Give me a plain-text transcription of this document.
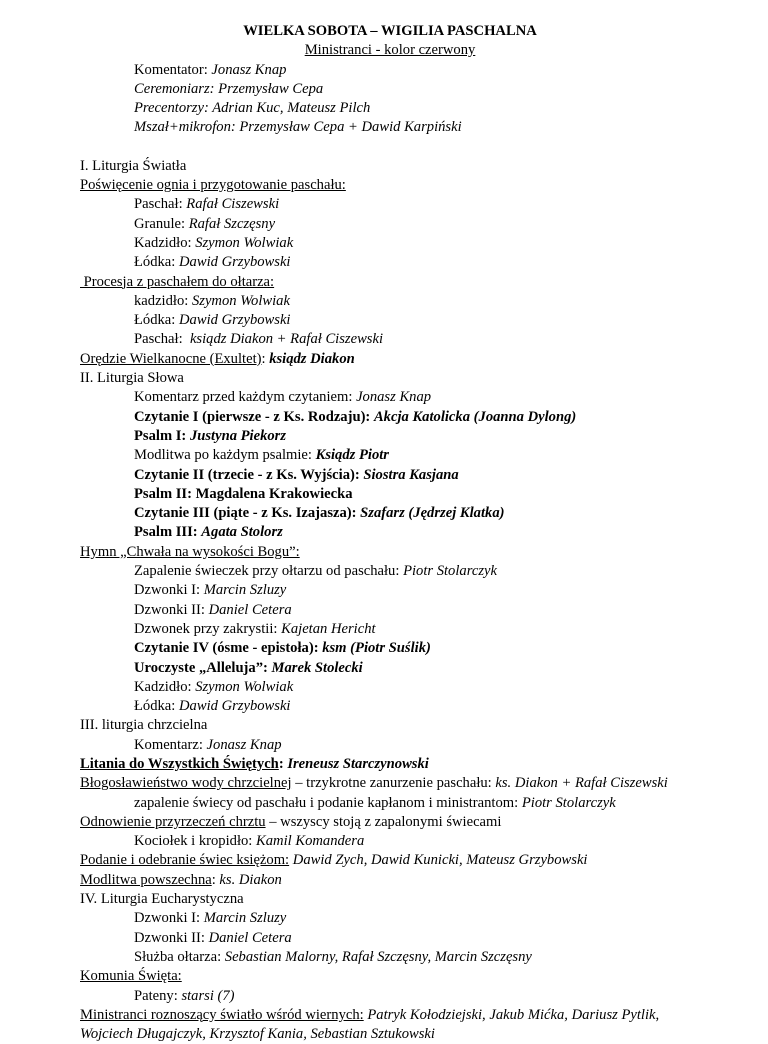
WIELKA SOBOTA – WIGILIA PASCHALNA
Ministranci - kolor czerwony
Komentator: Jonasz Knap
Ceremoniarz: Przemysław Cepa
Precentorzy: Adrian Kuc, Mateusz Pilch
Mszał+mikrofon: Przemysław Cepa + Dawid Karpiński
I. Liturgia Światła
Poświęcenie ognia i przygotowanie paschału:
Paschał: Rafał Ciszewski
Granule: Rafał Szczęsny
Kadzidło: Szymon Wolwiak
Łódka: Dawid Grzybowski
Procesja z paschałem do ołtarza:
kadzidło: Szymon Wolwiak
Łódka: Dawid Grzybowski
Paschał:  ksiądz Diakon + Rafał Ciszewski
Orędzie Wielkanocne (Exultet): ksiądz Diakon
II. Liturgia Słowa
Komentarz przed każdym czytaniem: Jonasz Knap
Czytanie I (pierwsze - z Ks. Rodzaju): Akcja Katolicka (Joanna Dylong)
Psalm I: Justyna Piekorz
Modlitwa po każdym psalmie: Ksiądz Piotr
Czytanie II (trzecie - z Ks. Wyjścia): Siostra Kasjana
Psalm II: Magdalena Krakowiecka
Czytanie III (piąte - z Ks. Izajasza): Szafarz (Jędrzej Klatka)
Psalm III: Agata Stolorz
Hymn „Chwała na wysokości Bogu”:
Zapalenie świeczek przy ołtarzu od paschału: Piotr Stolarczyk
Dzwonki I: Marcin Szluzy
Dzwonki II: Daniel Cetera
Dzwonek przy zakrystii: Kajetan Hericht
Czytanie IV (ósme - epistoła): ksm (Piotr Suślik)
Uroczyste „Alleluja”: Marek Stolecki
Kadzidło: Szymon Wolwiak
Łódka: Dawid Grzybowski
III. liturgia chrzcielna
Komentarz: Jonasz Knap
Litania do Wszystkich Świętych: Ireneusz Starczynowski
Błogosławieństwo wody chrzcielnej – trzykrotne zanurzenie paschału: ks. Diakon + Rafał Ciszewski
zapalenie świecy od paschału i podanie kapłanom i ministrantom: Piotr Stolarczyk
Odnowienie przyrzeczeń chrztu – wszyscy stoją z zapalonymi świecami
Kociołek i kropidło: Kamil Komandera
Podanie i odebranie świec księżom: Dawid Zych, Dawid Kunicki, Mateusz Grzybowski
Modlitwa powszechna: ks. Diakon
IV. Liturgia Eucharystyczna
Dzwonki I: Marcin Szluzy
Dzwonki II: Daniel Cetera
Służba ołtarza: Sebastian Malorny, Rafał Szczęsny, Marcin Szczęsny
Komunia Święta:
Pateny: starsi (7)
Ministranci roznoszący światło wśród wiernych: Patryk Kołodziejski, Jakub Mićka, Dariusz Pytlik, Wojciech Długajczyk, Krzysztof Kania, Sebastian Sztukowski
